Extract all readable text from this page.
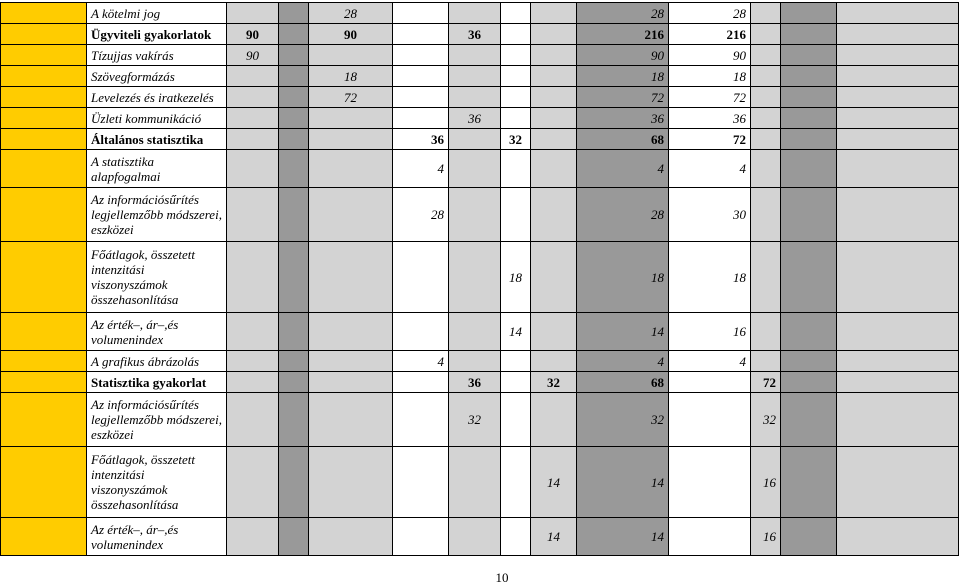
	A kötelmi jog			28					28	28				
	Ügyviteli gyakorlatok	90		90		36			216	216				
	Tízujjas vakírás	90							90	90				
	Szövegformázás			18					18	18				
	Levelezés és iratkezelés			72					72	72				
	Üzleti kommunikáció					36			36	36				
	Általános statisztika				36		32		68	72				
	A statisztika alapfogalmai				4				4	4				
	Az információsűrítés legjellemzőbb módszerei, eszközei				28				28	30				
	Főátlagok, összetett intenzitási viszonyszámok összehasonlítása						18		18	18				
	Az érték–, ár–,és volumenindex						14		14	16				
	A grafikus ábrázolás				4				4	4				
	Statisztika gyakorlat					36		32	68		72			
	Az információsűrítés legjellemzőbb módszerei, eszközei					32			32		32			
	Főátlagok, összetett intenzitási viszonyszámok összehasonlítása							14	14		16			
	Az érték–, ár–,és volumenindex							14	14		16			
10
